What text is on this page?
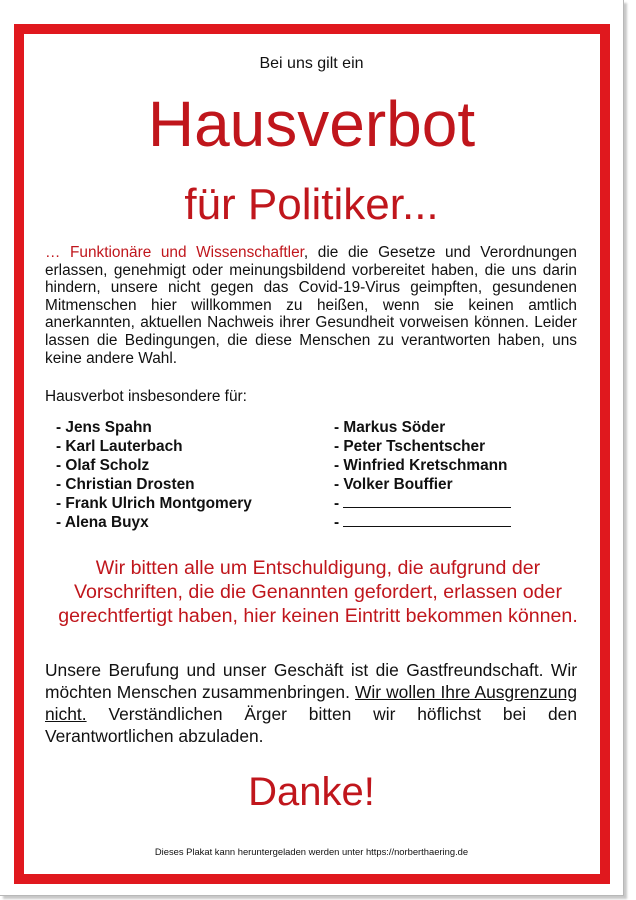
Bei uns gilt ein
Hausverbot
für Politiker...

… Funktionäre und Wissenschaftler, die die Gesetze und Verordnungen erlassen, genehmigt oder meinungsbildend vorbereitet haben, die uns darin hindern, unsere nicht gegen das Covid-19-Virus geimpften, gesundenen Mitmenschen hier willkommen zu heißen, wenn sie keinen amtlich anerkannten, aktuellen Nachweis ihrer Gesundheit vorweisen können. Leider lassen die Bedingungen, die diese Menschen zu verantworten haben, uns keine andere Wahl.

Hausverbot insbesondere für:
- Jens Spahn
- Karl Lauterbach
- Olaf Scholz
- Christian Drosten
- Frank Ulrich Montgomery
- Alena Buyx
- Markus Söder
- Peter Tschentscher
- Winfried Kretschmann
- Volker Bouffier
-
-

Wir bitten alle um Entschuldigung, die aufgrund der Vorschriften, die die Genannten gefordert, erlassen oder gerechtfertigt haben, hier keinen Eintritt bekommen können.

Unsere Berufung und unser Geschäft ist die Gastfreundschaft. Wir möchten Menschen zusammenbringen. Wir wollen Ihre Ausgrenzung nicht. Verständlichen Ärger bitten wir höflichst bei den Verantwortlichen abzuladen.

Danke!
Dieses Plakat kann heruntergeladen werden unter https://norberthaering.de
